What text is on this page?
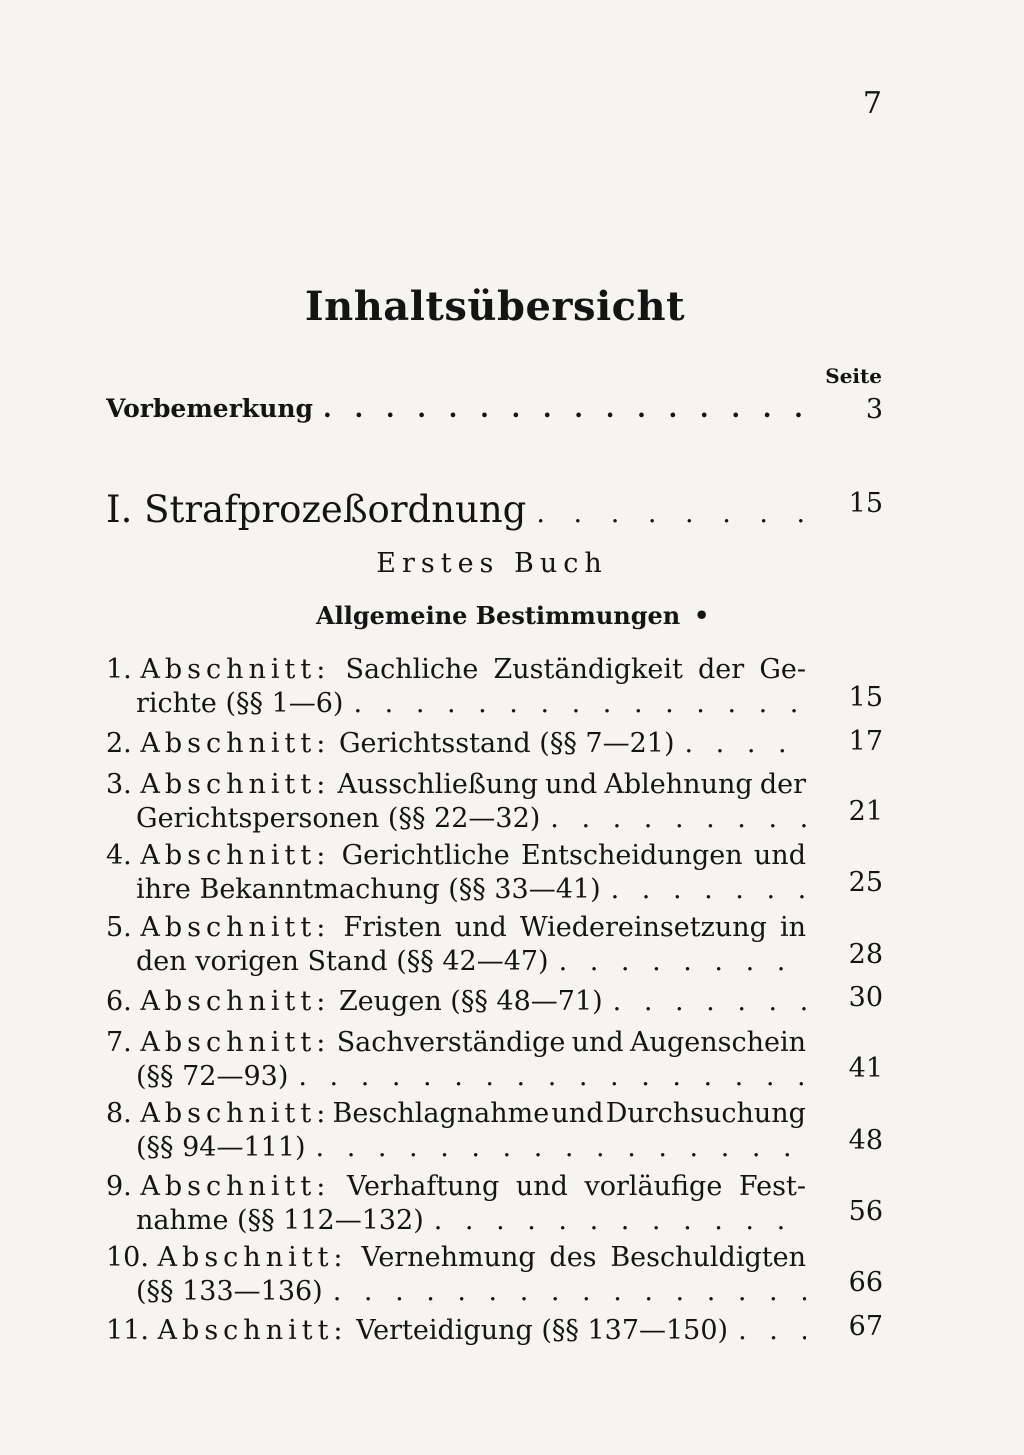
7
Inhaltsübersicht
Seite
Vorbemerkung . . .	3
I. Strafprozeßordnung . . .	15
Erstes Buch
Allgemeine Bestimmungen •
1. Abschnitt: Sachliche Zuständigkeit der Ge-
richte (§§ 1—6) . . .	15
2. Abschnitt: Gerichtsstand (§§ 7—21) . . .	17
3. Abschnitt: Ausschließung und Ablehnung der
Gerichtspersonen (§§ 22—32) . . .	21
4. Abschnitt: Gerichtliche Entscheidungen und
ihre Bekanntmachung (§§ 33—41) . . .	25
5. Abschnitt: Fristen und Wiedereinsetzung in
den vorigen Stand (§§ 42—47) . . .	28
6. Abschnitt: Zeugen (§§ 48—71) . . .	30
7. Abschnitt: Sachverständige und Augenschein
(§§ 72—93) . . .	41
8. Abschnitt: Beschlagnahme und Durchsuchung
(§§ 94—111) . . .	48
9. Abschnitt: Verhaftung und vorläufige Fest-
nahme (§§ 112—132) . . .	56
10. Abschnitt: Vernehmung des Beschuldigten
(§§ 133—136) . . .	66
11. Abschnitt: Verteidigung (§§ 137—150) . . .	67
